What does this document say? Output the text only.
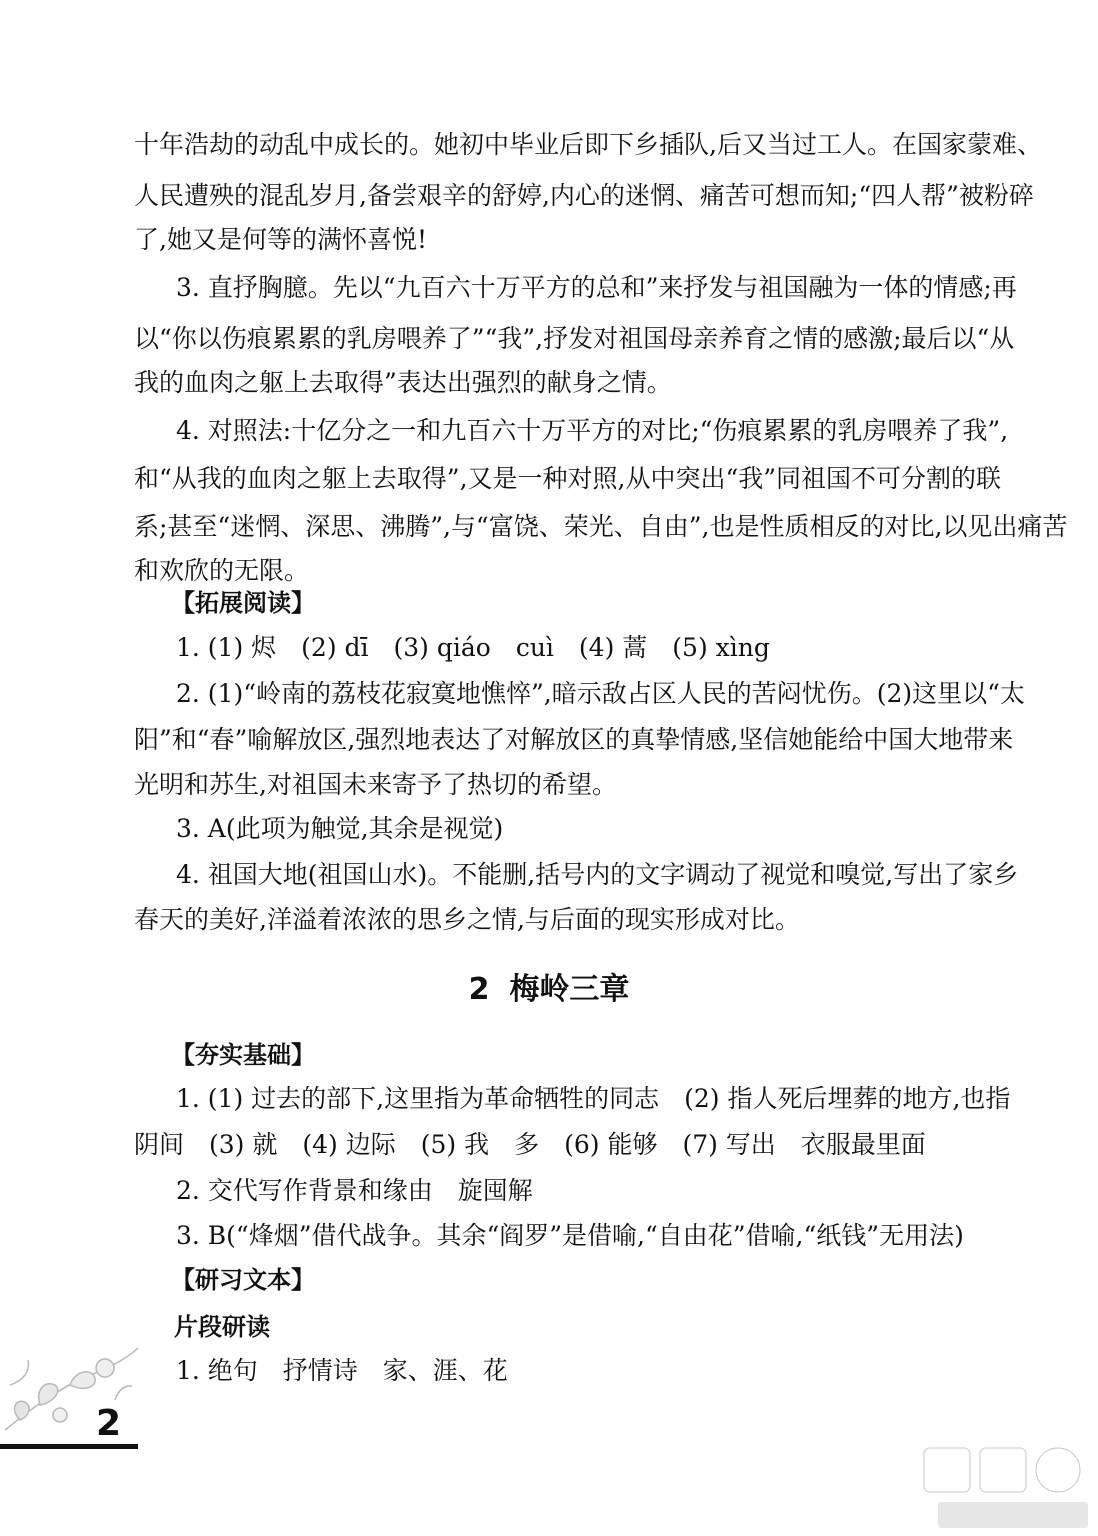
十年浩劫的动乱中成长的。她初中毕业后即下乡插队,后又当过工人。在国家蒙难、
人民遭殃的混乱岁月,备尝艰辛的舒婷,内心的迷惘、痛苦可想而知;“四人帮”被粉碎
了,她又是何等的满怀喜悦!
3. 直抒胸臆。先以“九百六十万平方的总和”来抒发与祖国融为一体的情感;再
以“你以伤痕累累的乳房喂养了”“我”,抒发对祖国母亲养育之情的感激;最后以“从
我的血肉之躯上去取得”表达出强烈的献身之情。
4. 对照法:十亿分之一和九百六十万平方的对比;“伤痕累累的乳房喂养了我”,
和“从我的血肉之躯上去取得”,又是一种对照,从中突出“我”同祖国不可分割的联
系;甚至“迷惘、深思、沸腾”,与“富饶、荣光、自由”,也是性质相反的对比,以见出痛苦
和欢欣的无限。
【拓展阅读】
1. (1) 烬　(2) dī　(3) qiáo　cuì　(4) 蒿　(5) xìng
2. (1)“岭南的荔枝花寂寞地憔悴”,暗示敌占区人民的苦闷忧伤。(2)这里以“太
阳”和“春”喻解放区,强烈地表达了对解放区的真挚情感,坚信她能给中国大地带来
光明和苏生,对祖国未来寄予了热切的希望。
3. A(此项为触觉,其余是视觉)
4. 祖国大地(祖国山水)。不能删,括号内的文字调动了视觉和嗅觉,写出了家乡
春天的美好,洋溢着浓浓的思乡之情,与后面的现实形成对比。
2 梅岭三章
【夯实基础】
1. (1) 过去的部下,这里指为革命牺牲的同志　(2) 指人死后埋葬的地方,也指
阴间　(3) 就　(4) 边际　(5) 我　多　(6) 能够　(7) 写出　衣服最里面
2. 交代写作背景和缘由　旋囤解
3. B(“烽烟”借代战争。其余“阎罗”是借喻,“自由花”借喻,“纸钱”无用法)
【研习文本】
片段研读
1. 绝句　抒情诗　家、涯、花
2
